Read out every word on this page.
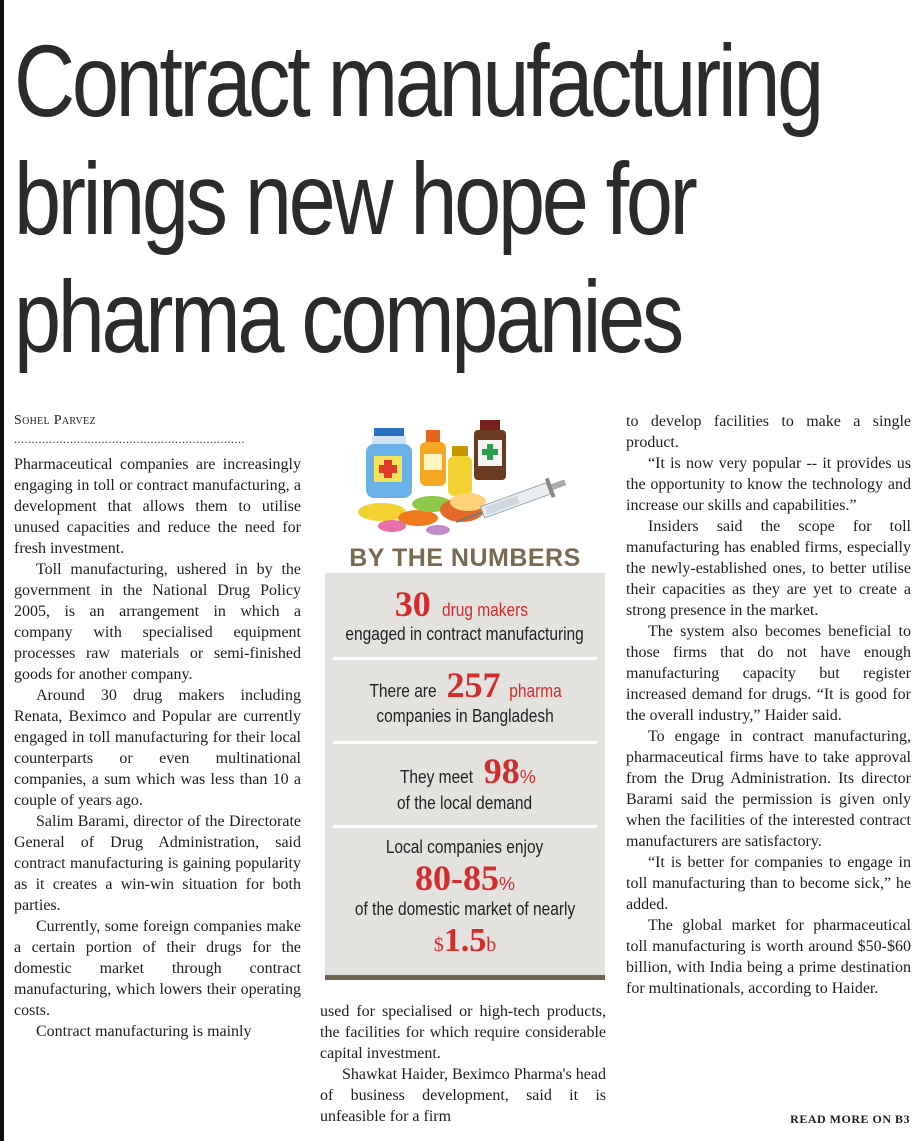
Contract manufacturing
brings new hope for
pharma companies
Sohel Parvez
..................................................................

Pharmaceutical companies are increasingly engaging in toll or contract manufacturing, a development that allows them to utilise unused capacities and reduce the need for fresh investment.

Toll manufacturing, ushered in by the government in the National Drug Policy 2005, is an arrangement in which a company with specialised equipment processes raw materials or semi-finished goods for another company.

Around 30 drug makers including Renata, Beximco and Popular are currently engaged in toll manufacturing for their local counterparts or even multinational companies, a sum which was less than 10 a couple of years ago.

Salim Barami, director of the Directorate General of Drug Administration, said contract manufacturing is gaining popularity as it creates a win-win situation for both parties.

Currently, some foreign companies make a certain portion of their drugs for the domestic market through contract manufacturing, which lowers their operating costs.

Contract manufacturing is mainly

BY THE NUMBERS
30 drug makers
engaged in contract manufacturing
There are 257 pharma
companies in Bangladesh
They meet 98%
of the local demand
Local companies enjoy
80-85%
of the domestic market of nearly
$1.5b

used for specialised or high-tech products, the facilities for which require considerable capital investment.

Shawkat Haider, Beximco Pharma's head of business development, said it is unfeasible for a firm

to develop facilities to make a single product.

“It is now very popular -- it provides us the opportunity to know the technology and increase our skills and capabilities.”

Insiders said the scope for toll manufacturing has enabled firms, especially the newly-established ones, to better utilise their capacities as they are yet to create a strong presence in the market.

The system also becomes beneficial to those firms that do not have enough manufacturing capacity but register increased demand for drugs. “It is good for the overall industry,” Haider said.

To engage in contract manufacturing, pharmaceutical firms have to take approval from the Drug Administration. Its director Barami said the permission is given only when the facilities of the interested contract manufacturers are satisfactory.

“It is better for companies to engage in toll manufacturing than to become sick,” he added.

The global market for pharmaceutical toll manufacturing is worth around $50-$60 billion, with India being a prime destination for multinationals, according to Haider.

READ MORE ON B3
